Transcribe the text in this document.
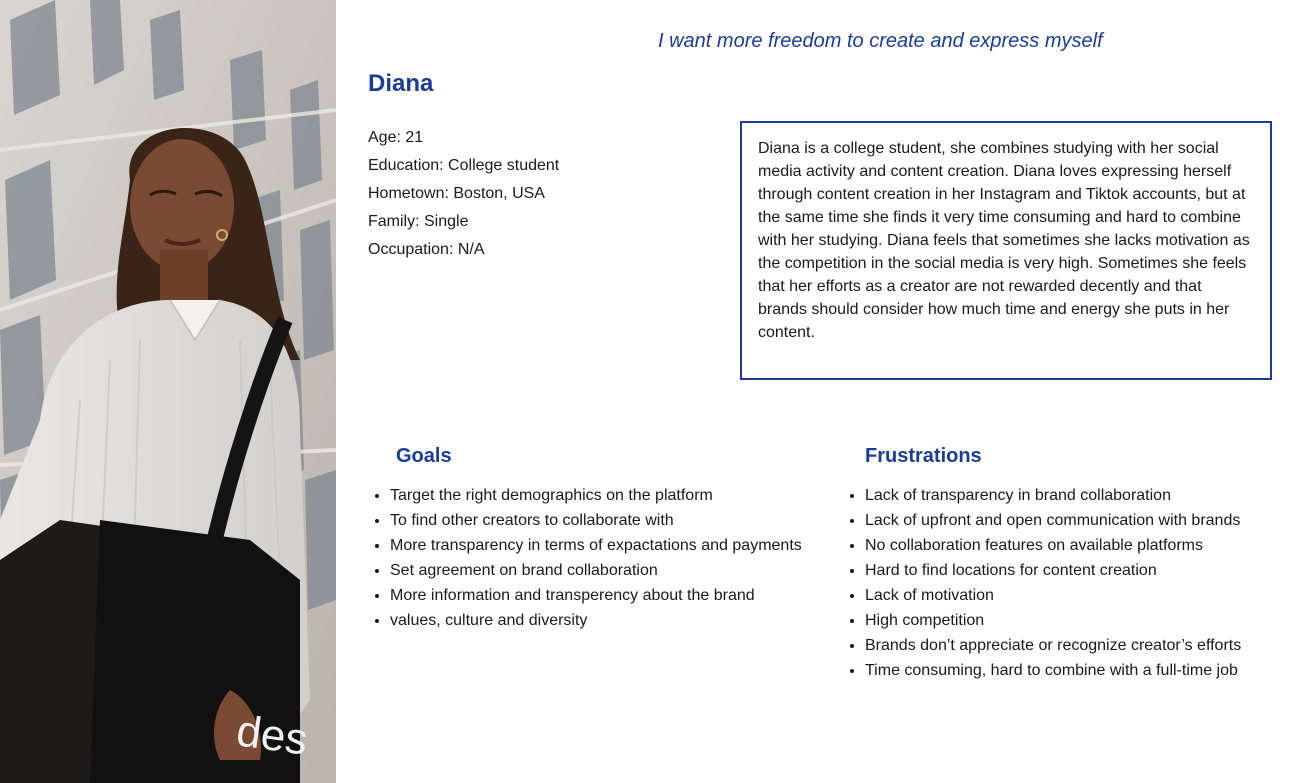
des
I want more freedom to create and express myself
Diana
Age: 21
Education: College student
Hometown: Boston, USA
Family: Single
Occupation: N/A
Diana is a college student, she combines studying with her social media activity and content creation. Diana loves expressing herself through content creation in her Instagram and Tiktok accounts, but at the same time she finds it very time consuming and hard to combine with her studying. Diana feels that sometimes she lacks motivation as the competition in the social media is very high. Sometimes she feels that her efforts as a creator are not rewarded decently and that brands should consider how much time and energy she puts in her content.
Goals
• Target the right demographics on the platform
• To find other creators to collaborate with
• More transparency in terms of expactations and payments
• Set agreement on brand collaboration
• More information and transperency about the brand
• values, culture and diversity
Frustrations
• Lack of transparency in brand collaboration
• Lack of upfront and open communication with brands
• No collaboration features on available platforms
• Hard to find locations for content creation
• Lack of motivation
• High competition
• Brands don’t appreciate or recognize creator’s efforts
• Time consuming, hard to combine with a full-time job
